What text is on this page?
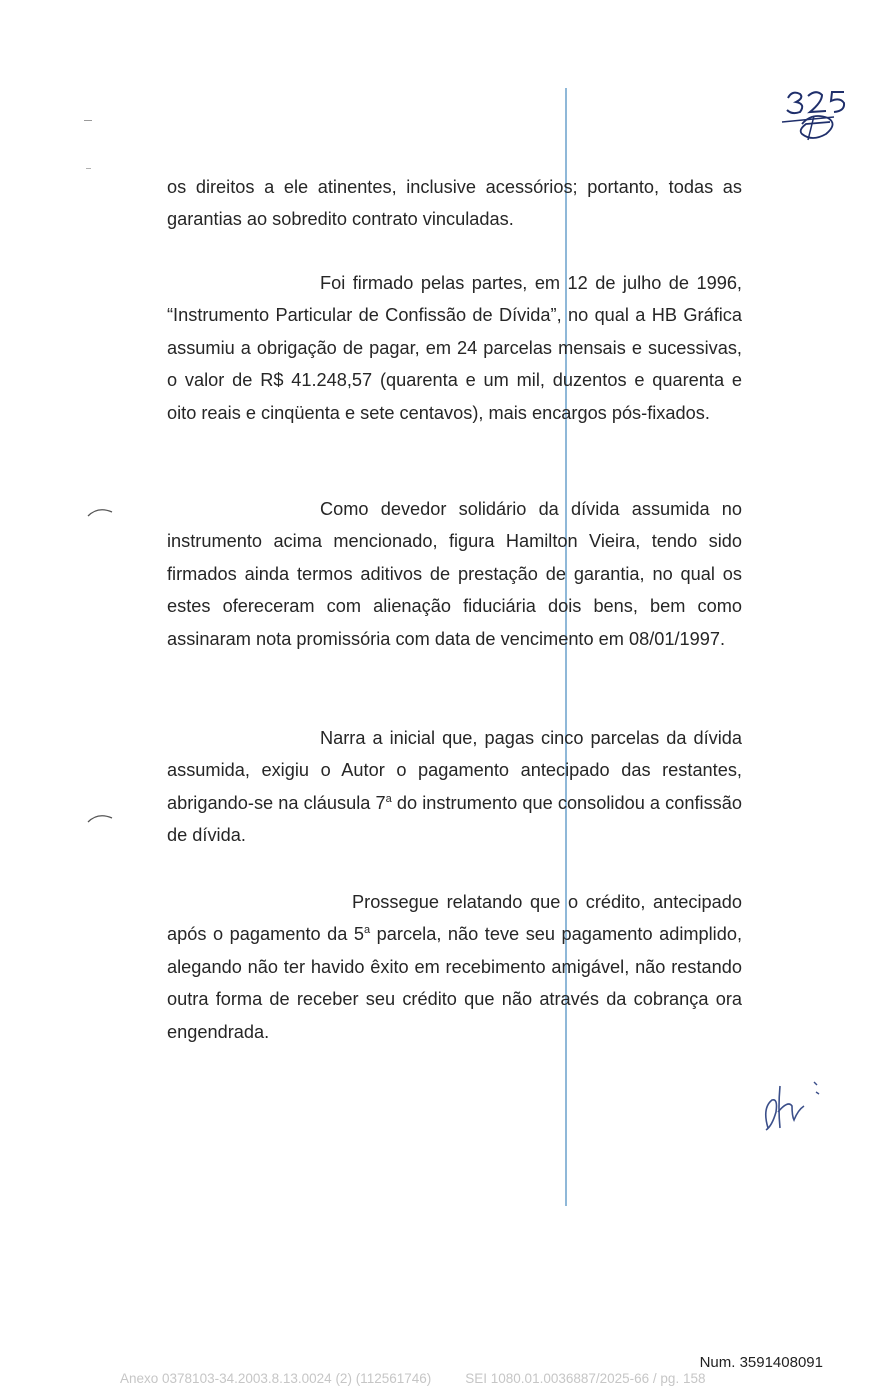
os direitos a ele atinentes, inclusive acessórios; portanto, todas as garantias ao sobredito contrato vinculadas.

Foi firmado pelas partes, em 12 de julho de 1996, “Instrumento Particular de Confissão de Dívida”, no qual a HB Gráfica assumiu a obrigação de pagar, em 24 parcelas mensais e sucessivas, o valor de R$ 41.248,57 (quarenta e um mil, duzentos e quarenta e oito reais e cinqüenta e sete centavos), mais encargos pós-fixados.

Como devedor solidário da dívida assumida no instrumento acima mencionado, figura Hamilton Vieira, tendo sido firmados ainda termos aditivos de prestação de garantia, no qual os estes ofereceram com alienação fiduciária dois bens, bem como assinaram nota promissória com data de vencimento em 08/01/1997.

Narra a inicial que, pagas cinco parcelas da dívida assumida, exigiu o Autor o pagamento antecipado das restantes, abrigando-se na cláusula 7$^a$ do instrumento que consolidou a confissão de dívida.

Prossegue relatando que o crédito, antecipado após o pagamento da 5$^a$ parcela, não teve seu pagamento adimplido, alegando não ter havido êxito em recebimento amigável, não restando outra forma de receber seu crédito que não através da cobrança ora engendrada.

Num. 3591408091
Anexo 0378103-34.2003.8.13.0024 (2) (112561746)	SEI 1080.01.0036887/2025-66 / pg. 158
